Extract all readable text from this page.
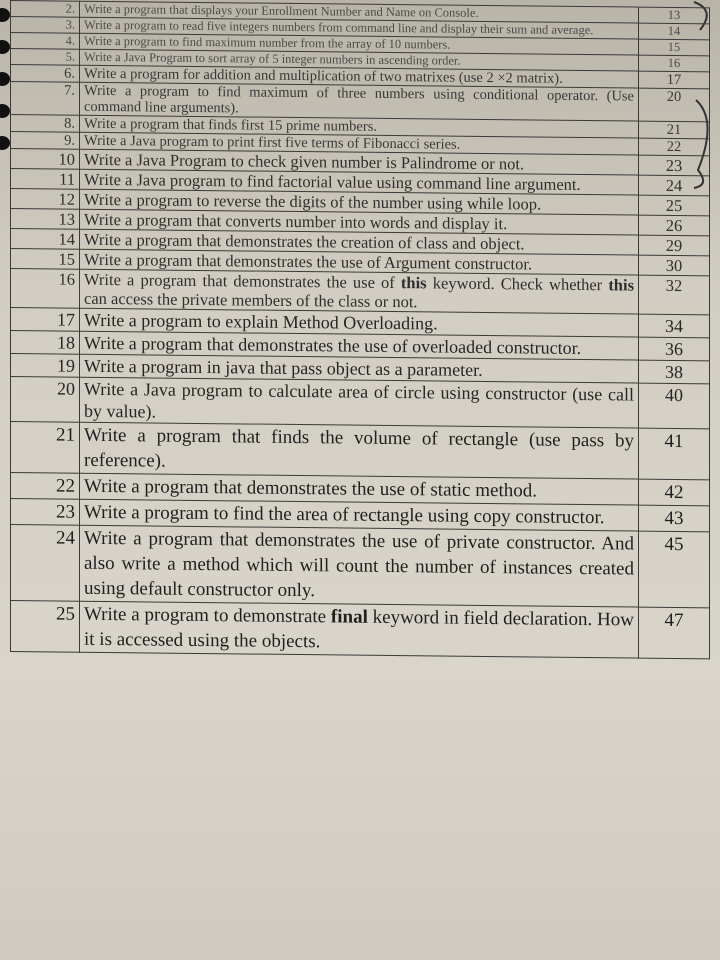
2.	Write a program that displays your Enrollment Number and Name on Console.	13
3.	Write a program to read five integers numbers from command line and display their sum and average.	14
4.	Write a program to find maximum number from the array of 10 numbers.	15
5.	Write a Java Program to sort array of 5 integer numbers in ascending order.	16
6.	Write a program for addition and multiplication of two matrixes (use 2 ×2 matrix).	17
7.	Write a program to find maximum of three numbers using conditional operator. (Use command line arguments).	20
8.	Write a program that finds first 15 prime numbers.	21
9.	Write a Java program to print first five terms of Fibonacci series.	22
10	Write a Java Program to check given number is Palindrome or not.	23
11	Write a Java program to find factorial value using command line argument.	24
12	Write a program to reverse the digits of the number using while loop.	25
13	Write a program that converts number into words and display it.	26
14	Write a program that demonstrates the creation of class and object.	29
15	Write a program that demonstrates the use of Argument constructor.	30
16	Write a program that demonstrates the use of this keyword. Check whether this can access the private members of the class or not.	32
17	Write a program to explain Method Overloading.	34
18	Write a program that demonstrates the use of overloaded constructor.	36
19	Write a program in java that pass object as a parameter.	38
20	Write a Java program to calculate area of circle using constructor (use call by value).	40
21	Write a program that finds the volume of rectangle (use pass by reference).	41
22	Write a program that demonstrates the use of static method.	42
23	Write a program to find the area of rectangle using copy constructor.	43
24	Write a program that demonstrates the use of private constructor. And also write a method which will count the number of instances created using default constructor only.	45
25	Write a program to demonstrate final keyword in field declaration. How it is accessed using the objects.	47
